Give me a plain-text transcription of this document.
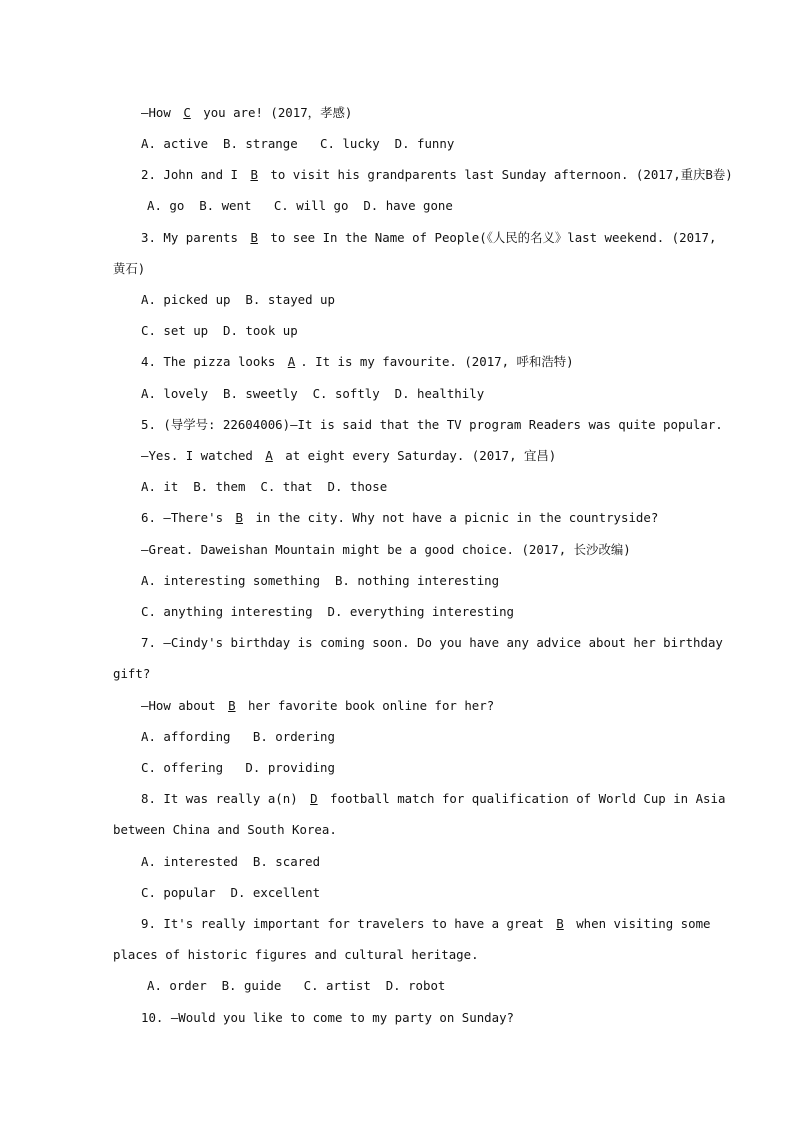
—How C you are! (2017，孝感)
A. active  B. strange   C. lucky  D. funny
2. John and I B to visit his grandparents last Sunday afternoon. (2017,重庆B卷)
A. go  B. went   C. will go  D. have gone
3. My parents B to see In the Name of People(《人民的名义》last weekend. (2017,
黄石)
A. picked up  B. stayed up
C. set up  D. took up
4. The pizza looks A . It is my favourite. (2017, 呼和浩特)
A. lovely  B. sweetly  C. softly  D. healthily
5. (导学号: 22604006)—It is said that the TV program Readers was quite popular.
—Yes. I watched A at eight every Saturday. (2017, 宜昌)
A. it  B. them  C. that  D. those
6. —There's B in the city. Why not have a picnic in the countryside?
—Great. Daweishan Mountain might be a good choice. (2017, 长沙改编)
A. interesting something  B. nothing interesting
C. anything interesting  D. everything interesting
7. —Cindy's birthday is coming soon. Do you have any advice about her birthday
gift?
—How about B her favorite book online for her?
A. affording   B. ordering
C. offering   D. providing
8. It was really a(n) D football match for qualification of World Cup in Asia
between China and South Korea.
A. interested  B. scared
C. popular  D. excellent
9. It's really important for travelers to have a great B when visiting some
places of historic figures and cultural heritage.
A. order  B. guide   C. artist  D. robot
10. —Would you like to come to my party on Sunday?
